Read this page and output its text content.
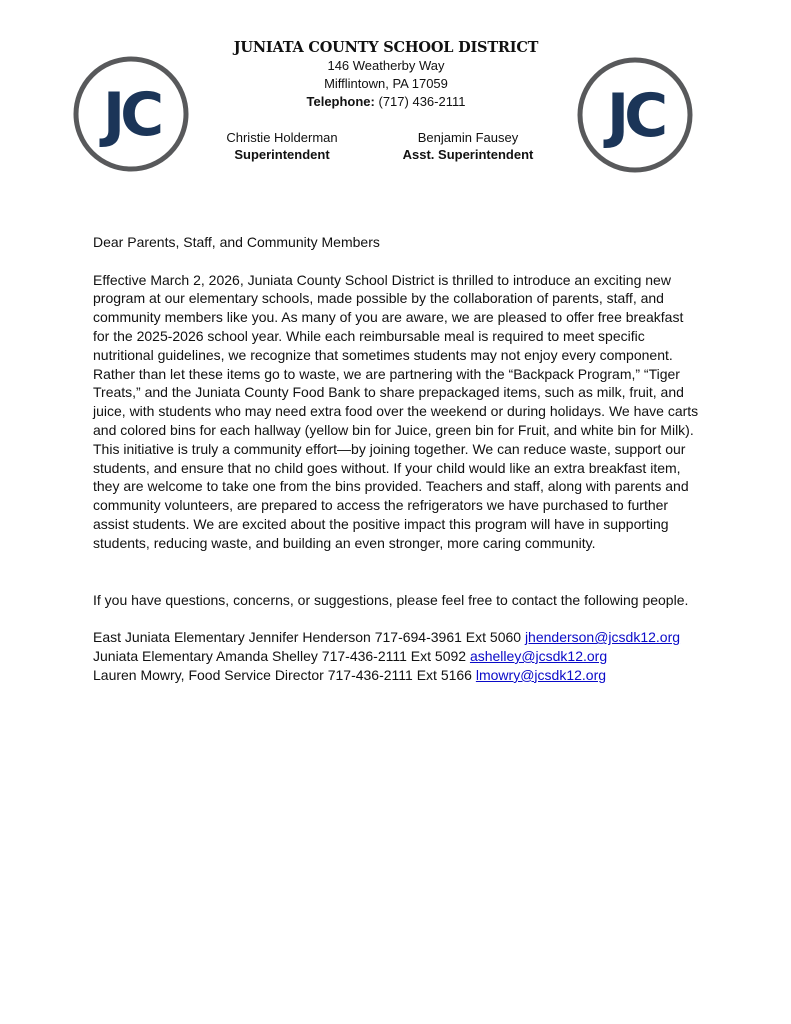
JC	JC
JUNIATA COUNTY SCHOOL DISTRICT
146 Weatherby Way
Mifflintown, PA 17059
Telephone: (717) 436-2111
Christie Holderman
Superintendent
Benjamin Fausey
Asst. Superintendent

Dear Parents, Staff, and Community Members

Effective March 2, 2026, Juniata County School District is thrilled to introduce an exciting new program at our elementary schools, made possible by the collaboration of parents, staff, and community members like you. As many of you are aware, we are pleased to offer free breakfast for the 2025-2026 school year. While each reimbursable meal is required to meet specific nutritional guidelines, we recognize that sometimes students may not enjoy every component. Rather than let these items go to waste, we are partnering with the “Backpack Program,” “Tiger Treats,” and the Juniata County Food Bank to share prepackaged items, such as milk, fruit, and juice, with students who may need extra food over the weekend or during holidays. We have carts and colored bins for each hallway (yellow bin for Juice, green bin for Fruit, and white bin for Milk). This initiative is truly a community effort—by joining together. We can reduce waste, support our students, and ensure that no child goes without. If your child would like an extra breakfast item, they are welcome to take one from the bins provided. Teachers and staff, along with parents and community volunteers, are prepared to access the refrigerators we have purchased to further assist students. We are excited about the positive impact this program will have in supporting students, reducing waste, and building an even stronger, more caring community.

If you have questions, concerns, or suggestions, please feel free to contact the following people.

East Juniata Elementary Jennifer Henderson 717-694-3961 Ext 5060 jhenderson@jcsdk12.org
Juniata Elementary Amanda Shelley 717-436-2111 Ext 5092 ashelley@jcsdk12.org
Lauren Mowry, Food Service Director 717-436-2111 Ext 5166 lmowry@jcsdk12.org
